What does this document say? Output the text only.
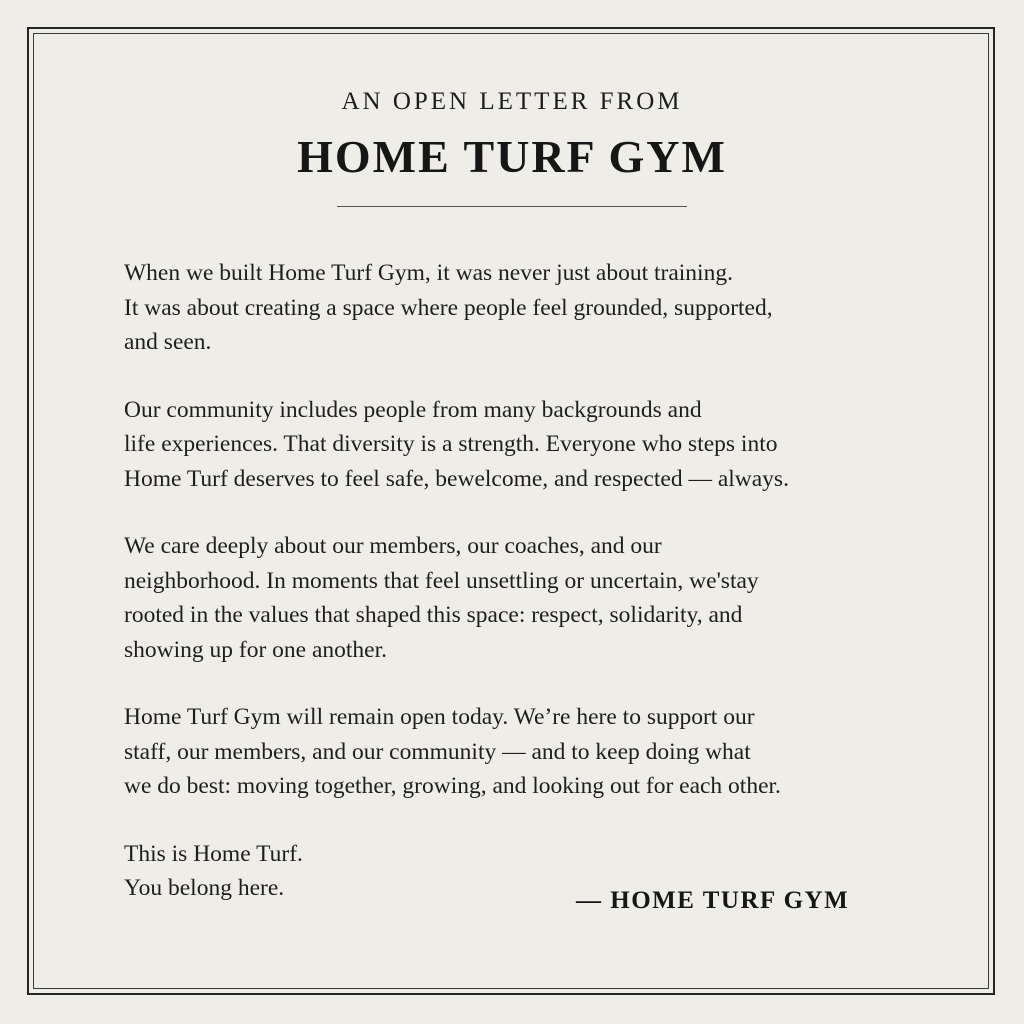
AN OPEN LETTER FROM
HOME TURF GYM

When we built Home Turf Gym, it was never just about training.
It was about creating a space where people feel grounded, supported,
and seen.

Our community includes people from many backgrounds and
life experiences. That diversity is a strength. Everyone who steps into
Home Turf deserves to feel safe, bewelcome, and respected — always.

We care deeply about our members, our coaches, and our
neighborhood. In moments that feel unsettling or uncertain, we'stay
rooted in the values that shaped this space: respect, solidarity, and
showing up for one another.

Home Turf Gym will remain open today. We’re here to support our
staff, our members, and our community — and to keep doing what
we do best: moving together, growing, and looking out for each other.

This is Home Turf.
You belong here.	— HOME TURF GYM
